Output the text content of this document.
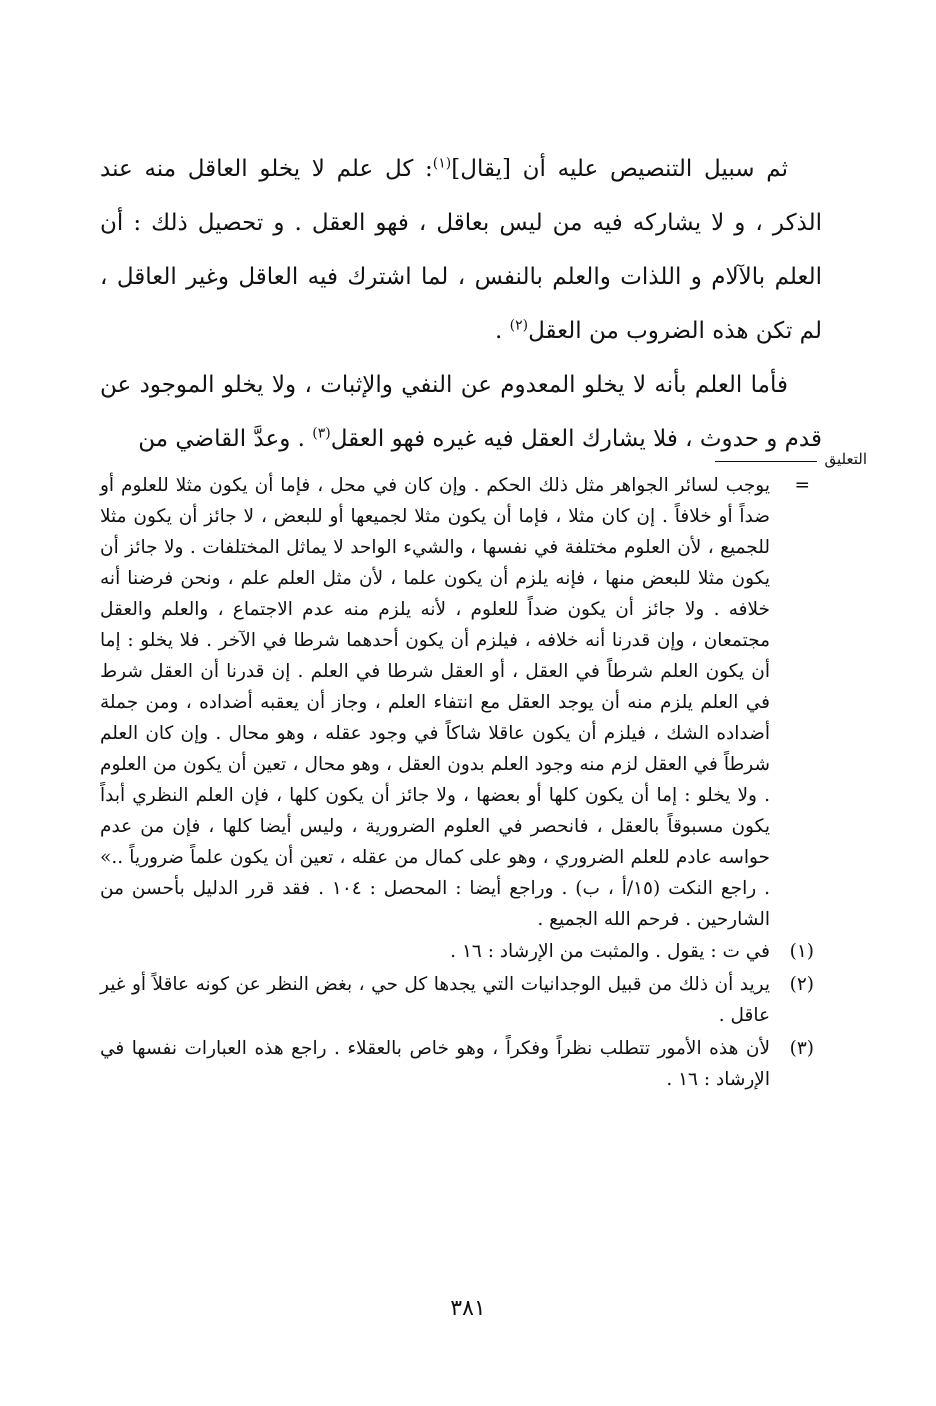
ثم سبيل التنصيص عليه أن [يقال]$^{(١)}$: كل علم لا يخلو العاقل منه عند الذكر ، و لا يشاركه فيه من ليس بعاقل ، فهو العقل . و تحصيل ذلك : أن العلم بالآلام و اللذات والعلم بالنفس ، لما اشترك فيه العاقل وغير العاقل ، لم تكن هذه الضروب من العقل$^{(٢)}$ .

فأما العلم بأنه لا يخلو المعدوم عن النفي والإثبات ، ولا يخلو الموجود عن قدم و حدوث ، فلا يشارك العقل فيه غيره فهو العقل$^{(٣)}$ . وعدَّ القاضي من

التعليق
=
يوجب لسائر الجواهر مثل ذلك الحكم . وإن كان في محل ، فإما أن يكون مثلا للعلوم أو ضداً أو خلافاً . إن كان مثلا ، فإما أن يكون مثلا لجميعها أو للبعض ، لا جائز أن يكون مثلا للجميع ، لأن العلوم مختلفة في نفسها ، والشيء الواحد لا يماثل المختلفات . ولا جائز أن يكون مثلا للبعض منها ، فإنه يلزم أن يكون علما ، لأن مثل العلم علم ، ونحن فرضنا أنه خلافه . ولا جائز أن يكون ضداً للعلوم ، لأنه يلزم منه عدم الاجتماع ، والعلم والعقل مجتمعان ، وإن قدرنا أنه خلافه ، فيلزم أن يكون أحدهما شرطا في الآخر . فلا يخلو : إما أن يكون العلم شرطاً في العقل ، أو العقل شرطا في العلم . إن قدرنا أن العقل شرط في العلم يلزم منه أن يوجد العقل مع انتفاء العلم ، وجاز أن يعقبه أضداده ، ومن جملة أضداده الشك ، فيلزم أن يكون عاقلا شاكاً في وجود عقله ، وهو محال . وإن كان العلم شرطاً في العقل لزم منه وجود العلم بدون العقل ، وهو محال ، تعين أن يكون من العلوم . ولا يخلو : إما أن يكون كلها أو بعضها ، ولا جائز أن يكون كلها ، فإن العلم النظري أبداً يكون مسبوقاً بالعقل ، فانحصر في العلوم الضرورية ، وليس أيضا كلها ، فإن من عدم حواسه عادم للعلم الضروري ، وهو على كمال من عقله ، تعين أن يكون علماً ضرورياً ..» . راجع النكت (١٥/أ ، ب) . وراجع أيضا : المحصل : ١٠٤ . فقد قرر الدليل بأحسن من الشارحين . فرحم الله الجميع .
(١)
في ت : يقول . والمثبت من الإرشاد : ١٦ .
(٢)
يريد أن ذلك من قبيل الوجدانيات التي يجدها كل حي ، بغض النظر عن كونه عاقلاً أو غير عاقل .
(٣)
لأن هذه الأمور تتطلب نظراً وفكراً ، وهو خاص بالعقلاء . راجع هذه العبارات نفسها في الإرشاد : ١٦ .
٣٨١
